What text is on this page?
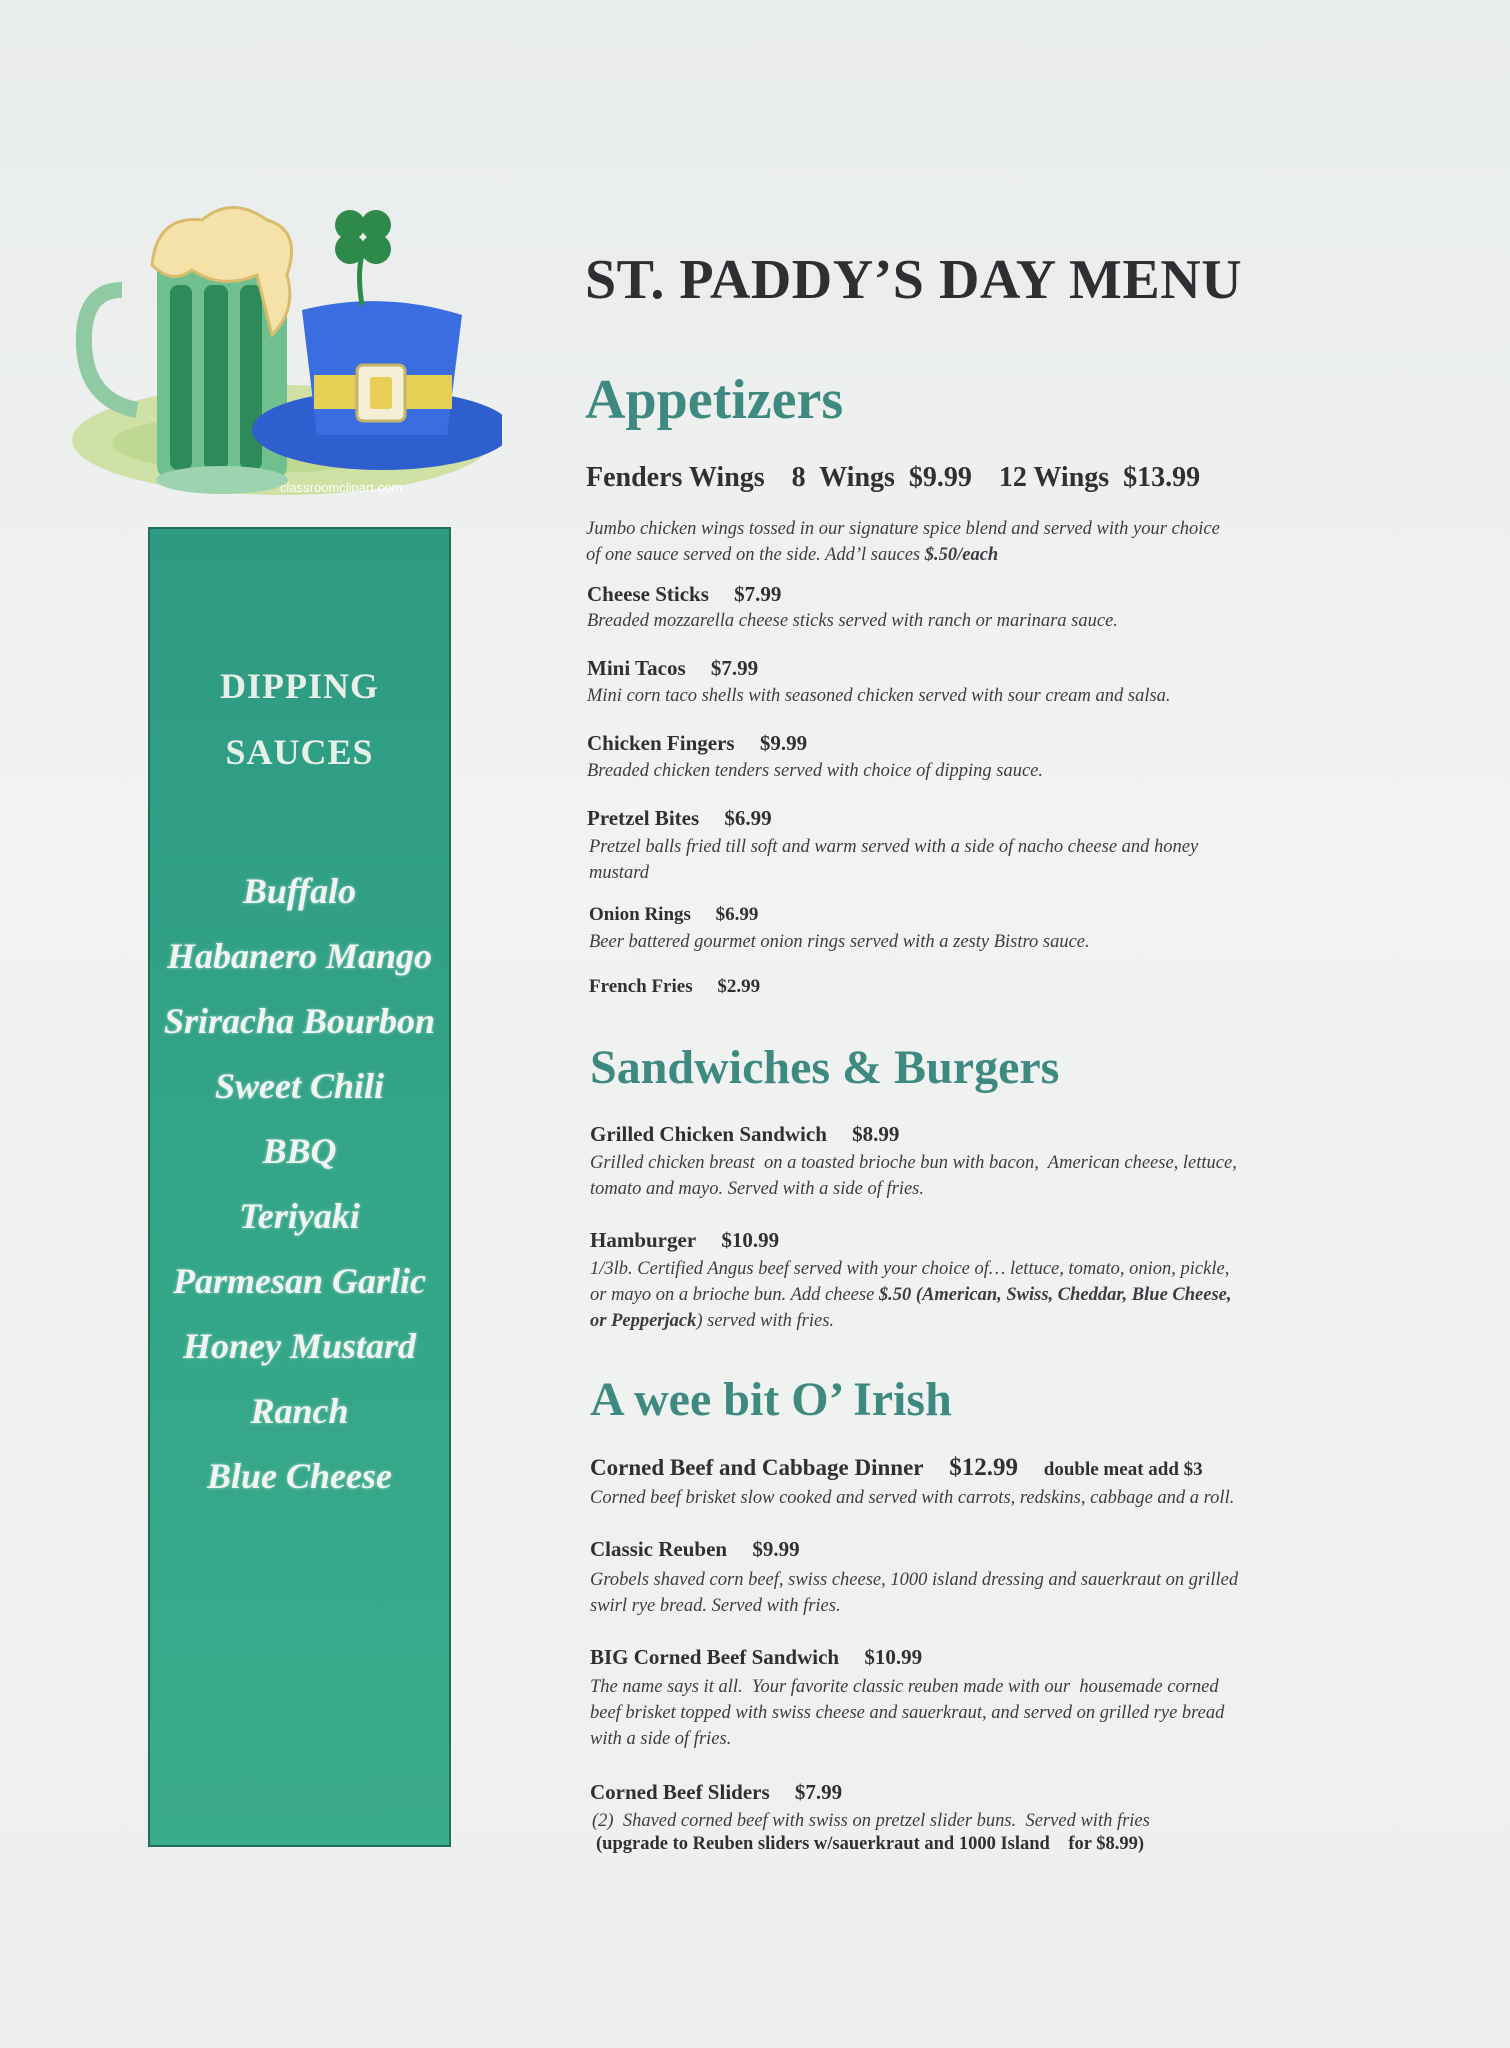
classroomclipart.com
DIPPING
SAUCES
Buffalo
Habanero Mango
Sriracha Bourbon
Sweet Chili
BBQ
Teriyaki
Parmesan Garlic
Honey Mustard
Ranch
Blue Cheese
ST. PADDY’S DAY MENU
Appetizers
Fenders Wings 8  Wings  $9.99 12 Wings  $13.99
Jumbo chicken wings tossed in our signature spice blend and served with your choice
of one sauce served on the side. Add’l sauces $.50/each
Cheese Sticks $7.99
Breaded mozzarella cheese sticks served with ranch or marinara sauce.
Mini Tacos $7.99
Mini corn taco shells with seasoned chicken served with sour cream and salsa.
Chicken Fingers $9.99
Breaded chicken tenders served with choice of dipping sauce.
Pretzel Bites $6.99
Pretzel balls fried till soft and warm served with a side of nacho cheese and honey
mustard
Onion Rings $6.99
Beer battered gourmet onion rings served with a zesty Bistro sauce.
French Fries $2.99
Sandwiches & Burgers
Grilled Chicken Sandwich $8.99
Grilled chicken breast  on a toasted brioche bun with bacon,  American cheese, lettuce,
tomato and mayo. Served with a side of fries.
Hamburger $10.99
1/3lb. Certified Angus beef served with your choice of… lettuce, tomato, onion, pickle,
or mayo on a brioche bun. Add cheese $.50 (American, Swiss, Cheddar, Blue Cheese,
or Pepperjack) served with fries.
A wee bit O’ Irish
Corned Beef and Cabbage Dinner $12.99 double meat add $3
Corned beef brisket slow cooked and served with carrots, redskins, cabbage and a roll.
Classic Reuben $9.99
Grobels shaved corn beef, swiss cheese, 1000 island dressing and sauerkraut on grilled
swirl rye bread. Served with fries.
BIG Corned Beef Sandwich $10.99
The name says it all.  Your favorite classic reuben made with our  housemade corned
beef brisket topped with swiss cheese and sauerkraut, and served on grilled rye bread
with a side of fries.
Corned Beef Sliders $7.99
(2)  Shaved corned beef with swiss on pretzel slider buns.  Served with fries
(upgrade to Reuben sliders w/sauerkraut and 1000 Island    for $8.99)
